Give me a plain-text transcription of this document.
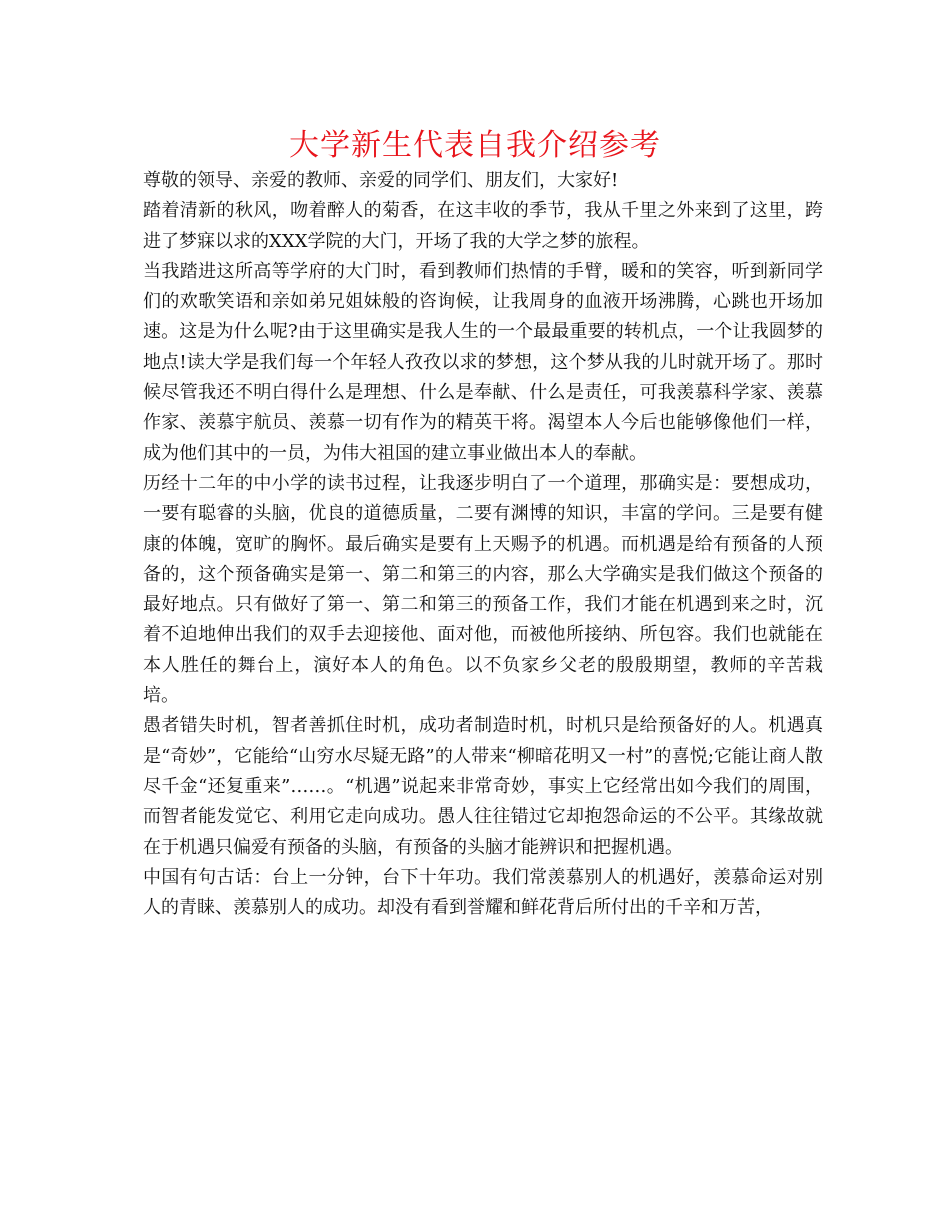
大学新生代表自我介绍参考

尊敬的领导、亲爱的教师、亲爱的同学们、朋友们，大家好!

踏着清新的秋风，吻着醉人的菊香，在这丰收的季节，我从千里之外来到了这里，跨进了梦寐以求的XXX学院的大门，开场了我的大学之梦的旅程。

当我踏进这所高等学府的大门时，看到教师们热情的手臂，暖和的笑容，听到新同学们的欢歌笑语和亲如弟兄姐妹般的咨询候，让我周身的血液开场沸腾，心跳也开场加速。这是为什么呢?由于这里确实是我人生的一个最最重要的转机点，一个让我圆梦的地点!读大学是我们每一个年轻人孜孜以求的梦想，这个梦从我的儿时就开场了。那时候尽管我还不明白得什么是理想、什么是奉献、什么是责任，可我羡慕科学家、羡慕作家、羡慕宇航员、羡慕一切有作为的精英干将。渴望本人今后也能够像他们一样，成为他们其中的一员，为伟大祖国的建立事业做出本人的奉献。

历经十二年的中小学的读书过程，让我逐步明白了一个道理，那确实是：要想成功，一要有聪睿的头脑，优良的道德质量，二要有渊博的知识，丰富的学问。三是要有健康的体魄，宽旷的胸怀。最后确实是要有上天赐予的机遇。而机遇是给有预备的人预备的，这个预备确实是第一、第二和第三的内容，那么大学确实是我们做这个预备的最好地点。只有做好了第一、第二和第三的预备工作，我们才能在机遇到来之时，沉着不迫地伸出我们的双手去迎接他、面对他，而被他所接纳、所包容。我们也就能在本人胜任的舞台上，演好本人的角色。以不负家乡父老的殷殷期望，教师的辛苦栽培。

愚者错失时机，智者善抓住时机，成功者制造时机，时机只是给预备好的人。机遇真是“奇妙”，它能给“山穷水尽疑无路”的人带来“柳暗花明又一村”的喜悦;它能让商人散尽千金“还复重来”……。“机遇”说起来非常奇妙，事实上它经常出如今我们的周围，而智者能发觉它、利用它走向成功。愚人往往错过它却抱怨命运的不公平。其缘故就在于机遇只偏爱有预备的头脑，有预备的头脑才能辨识和把握机遇。

中国有句古话：台上一分钟，台下十年功。我们常羡慕别人的机遇好，羡慕命运对别人的青睐、羡慕别人的成功。却没有看到誉耀和鲜花背后所付出的千辛和万苦，
